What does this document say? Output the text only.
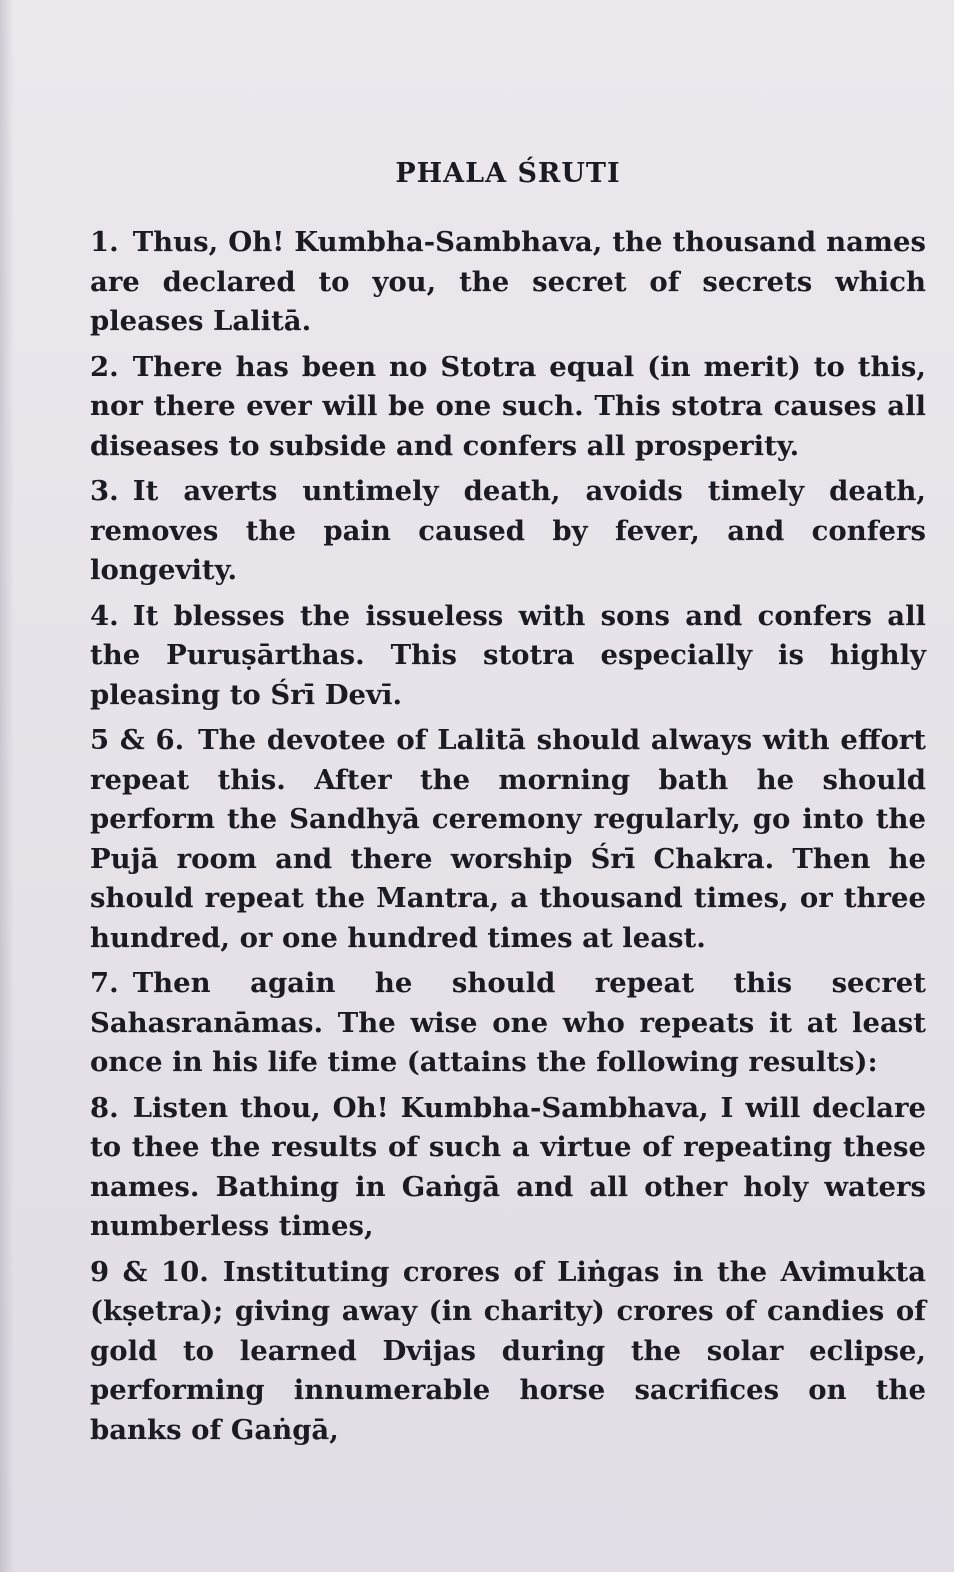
PHALA ŚRUTI

1. Thus, Oh! Kumbha-Sambhava, the thousand names are declared to you, the secret of secrets which pleases Lalitā.

2. There has been no Stotra equal (in merit) to this, nor there ever will be one such. This stotra causes all diseases to subside and confers all prosperity.

3. It averts untimely death, avoids timely death, removes the pain caused by fever, and confers longevity.

4. It blesses the issueless with sons and confers all the Puruṣārthas. This stotra especially is highly pleasing to Śrī Devī.

5 & 6. The devotee of Lalitā should always with effort repeat this. After the morning bath he should perform the Sandhyā ceremony regularly, go into the Pujā room and there worship Śrī Chakra. Then he should repeat the Mantra, a thousand times, or three hundred, or one hundred times at least.

7. Then again he should repeat this secret Sahasranāmas. The wise one who repeats it at least once in his life time (attains the following results):

8. Listen thou, Oh! Kumbha-Sambhava, I will declare to thee the results of such a virtue of repeating these names. Bathing in Gaṅgā and all other holy waters numberless times,

9 & 10. Instituting crores of Liṅgas in the Avimukta (kṣetra); giving away (in charity) crores of candies of gold to learned Dvijas during the solar eclipse, performing innumerable horse sacrifices on the banks of Gaṅgā,
